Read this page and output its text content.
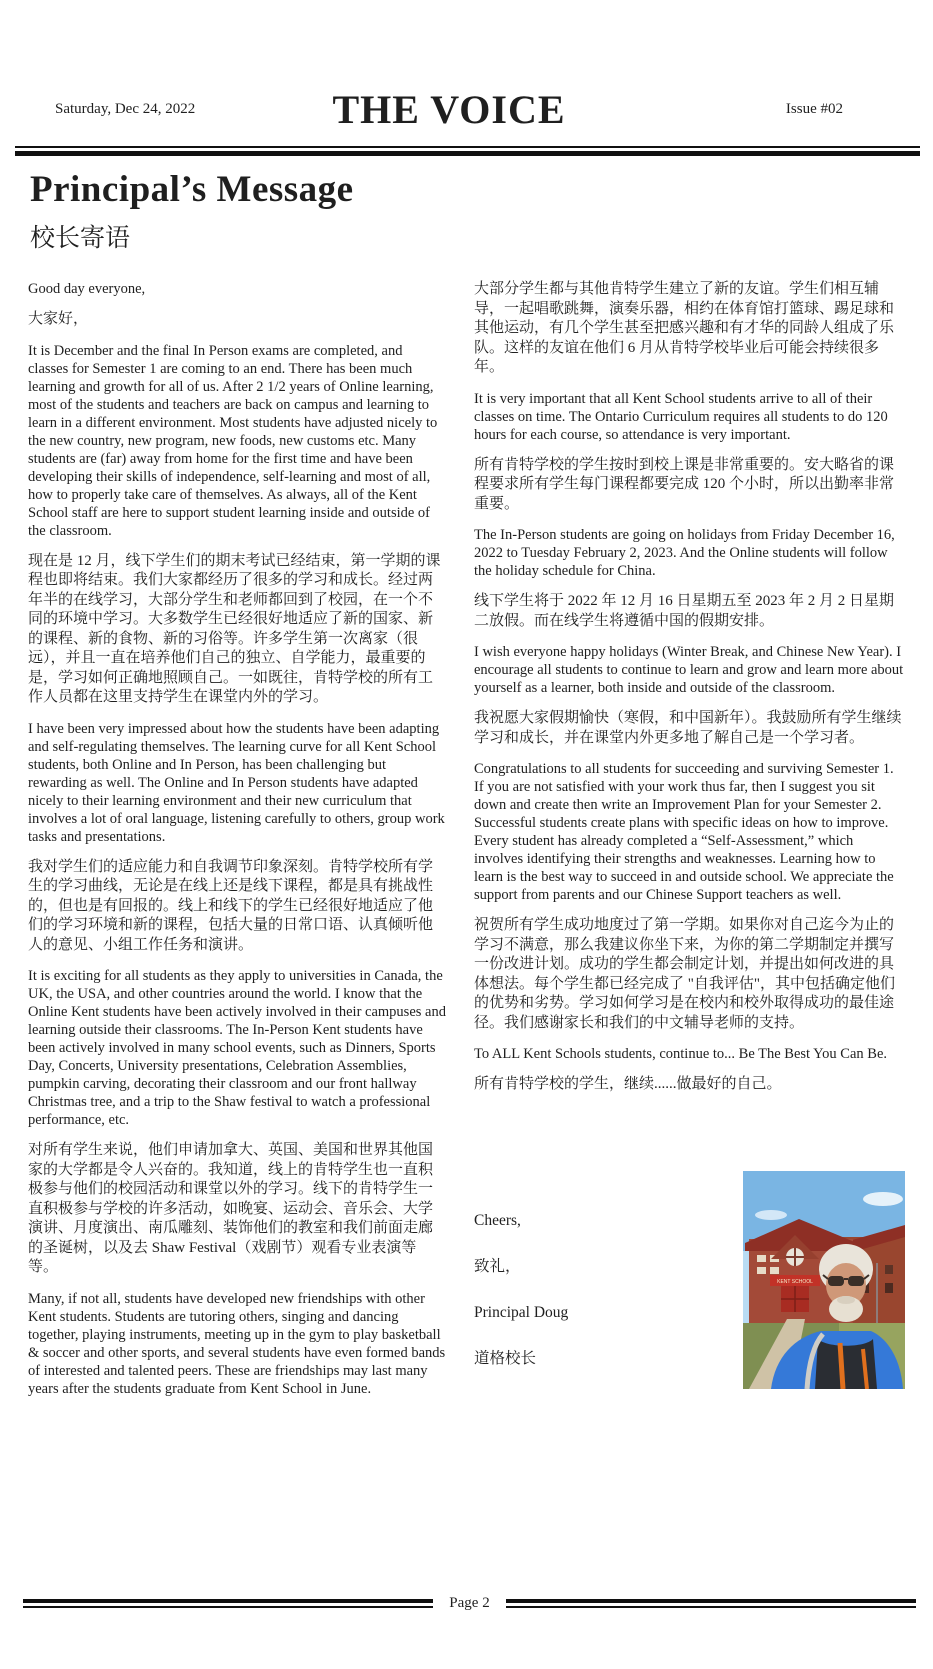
Saturday, Dec 24, 2022	THE VOICE	Issue #02
Principal’s Message
校长寄语

Good day everyone,

大家好，

It is December and the final In Person exams are completed, and classes for Semester 1 are coming to an end. There has been much learning and growth for all of us. After 2 1/2 years of Online learning, most of the students and teachers are back on campus and learning to learn in a different environment. Most students have adjusted nicely to the new country, new program, new foods, new customs etc. Many students are (far) away from home for the first time and have been developing their skills of independence, self-learning and most of all, how to properly take care of themselves. As always, all of the Kent School staff are here to support student learning inside and outside of the classroom.

现在是 12 月，线下学生们的期末考试已经结束，第一学期的课程也即将结束。我们大家都经历了很多的学习和成长。经过两年半的在线学习，大部分学生和老师都回到了校园，在一个不同的环境中学习。大多数学生已经很好地适应了新的国家、新的课程、新的食物、新的习俗等。许多学生第一次离家（很远），并且一直在培养他们自己的独立、自学能力，最重要的是，学习如何正确地照顾自己。一如既往，肯特学校的所有工作人员都在这里支持学生在课堂内外的学习。

I have been very impressed about how the students have been adapting and self-regulating themselves. The learning curve for all Kent School students, both Online and In Person, has been challenging but rewarding as well. The Online and In Person students have adapted nicely to their learning environment and their new curriculum that involves a lot of oral language, listening carefully to others, group work tasks and presentations.

我对学生们的适应能力和自我调节印象深刻。肯特学校所有学生的学习曲线，无论是在线上还是线下课程，都是具有挑战性的，但也是有回报的。线上和线下的学生已经很好地适应了他们的学习环境和新的课程，包括大量的日常口语、认真倾听他人的意见、小组工作任务和演讲。

It is exciting for all students as they apply to universities in Canada, the UK, the USA, and other countries around the world. I know that the Online Kent students have been actively involved in their campuses and learning outside their classrooms. The In-Person Kent students have been actively involved in many school events, such as Dinners, Sports Day, Concerts, University presentations, Celebration Assemblies, pumpkin carving, decorating their classroom and our front hallway Christmas tree, and a trip to the Shaw festival to watch a professional performance, etc.

对所有学生来说，他们申请加拿大、英国、美国和世界其他国家的大学都是令人兴奋的。我知道，线上的肯特学生也一直积极参与他们的校园活动和课堂以外的学习。线下的肯特学生一直积极参与学校的许多活动，如晚宴、运动会、音乐会、大学演讲、月度演出、南瓜雕刻、装饰他们的教室和我们前面走廊的圣诞树，以及去 Shaw Festival（戏剧节）观看专业表演等等。

Many, if not all, students have developed new friendships with other Kent students. Students are tutoring others, singing and dancing together, playing instruments, meeting up in the gym to play basketball & soccer and other sports, and several students have even formed bands of interested and talented peers. These are friendships may last many years after the students graduate from Kent School in June.

大部分学生都与其他肯特学生建立了新的友谊。学生们相互辅导，一起唱歌跳舞，演奏乐器，相约在体育馆打篮球、踢足球和其他运动，有几个学生甚至把感兴趣和有才华的同龄人组成了乐队。这样的友谊在他们 6 月从肯特学校毕业后可能会持续很多年。

It is very important that all Kent School students arrive to all of their classes on time. The Ontario Curriculum requires all students to do 120 hours for each course, so attendance is very important.

所有肯特学校的学生按时到校上课是非常重要的。安大略省的课程要求所有学生每门课程都要完成 120 个小时，所以出勤率非常重要。

The In-Person students are going on holidays from Friday December 16, 2022 to Tuesday February 2, 2023. And the Online students will follow the holiday schedule for China.

线下学生将于 2022 年 12 月 16 日星期五至 2023 年 2 月 2 日星期二放假。而在线学生将遵循中国的假期安排。

I wish everyone happy holidays (Winter Break, and Chinese New Year). I encourage all students to continue to learn and grow and learn more about yourself as a learner, both inside and outside of the classroom.

我祝愿大家假期愉快（寒假，和中国新年）。我鼓励所有学生继续学习和成长，并在课堂内外更多地了解自己是一个学习者。

Congratulations to all students for succeeding and surviving Semester 1. If you are not satisfied with your work thus far, then I suggest you sit down and create then write an Improvement Plan for your Semester 2. Successful students create plans with specific ideas on how to improve. Every student has already completed a “Self-Assessment,” which involves identifying their strengths and weaknesses. Learning how to learn is the best way to succeed in and outside school. We appreciate the support from parents and our Chinese Support teachers as well.

祝贺所有学生成功地度过了第一学期。如果你对自己迄今为止的学习不满意，那么我建议你坐下来，为你的第二学期制定并撰写一份改进计划。成功的学生都会制定计划，并提出如何改进的具体想法。每个学生都已经完成了 "自我评估"，其中包括确定他们的优势和劣势。学习如何学习是在校内和校外取得成功的最佳途径。我们感谢家长和我们的中文辅导老师的支持。

To ALL Kent Schools students, continue to... Be The Best You Can Be.

所有肯特学校的学生，继续......做最好的自己。

Cheers,

致礼，

Principal Doug

道格校长

KENT SCHOOL
Page 2
